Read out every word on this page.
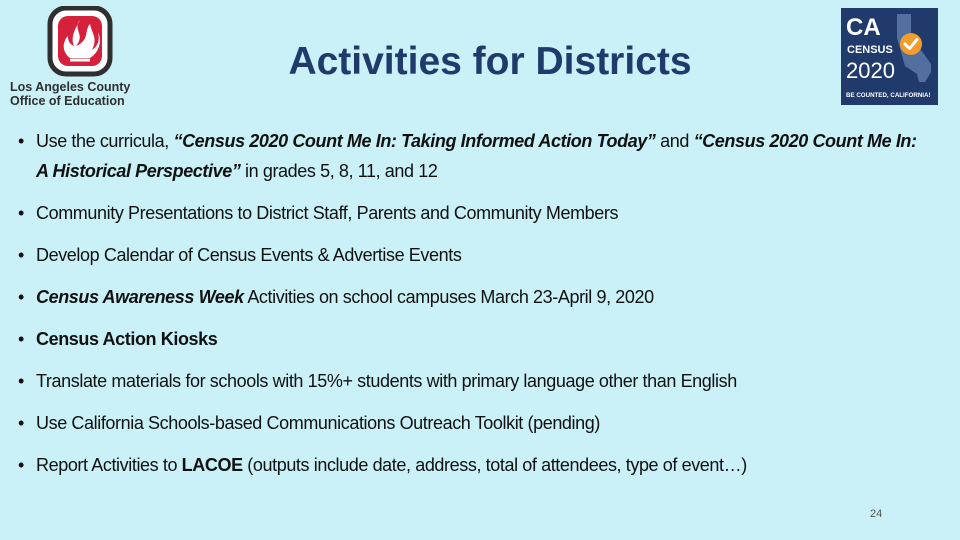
Los Angeles County
Office of Education
Activities for Districts
CA
CENSUS
2020
BE COUNTED, CALIFORNIA!
• Use the curricula, “Census 2020 Count Me In: Taking Informed Action Today” and “Census 2020 Count Me In: A Historical Perspective” in grades 5, 8, 11, and 12
• Community Presentations to District Staff, Parents and Community Members
• Develop Calendar of Census Events & Advertise Events
• Census Awareness Week Activities on school campuses March 23-April 9, 2020
• Census Action Kiosks
• Translate materials for schools with 15%+ students with primary language other than English
• Use California Schools-based Communications Outreach Toolkit (pending)
• Report Activities to LACOE (outputs include date, address, total of attendees, type of event…)
24
